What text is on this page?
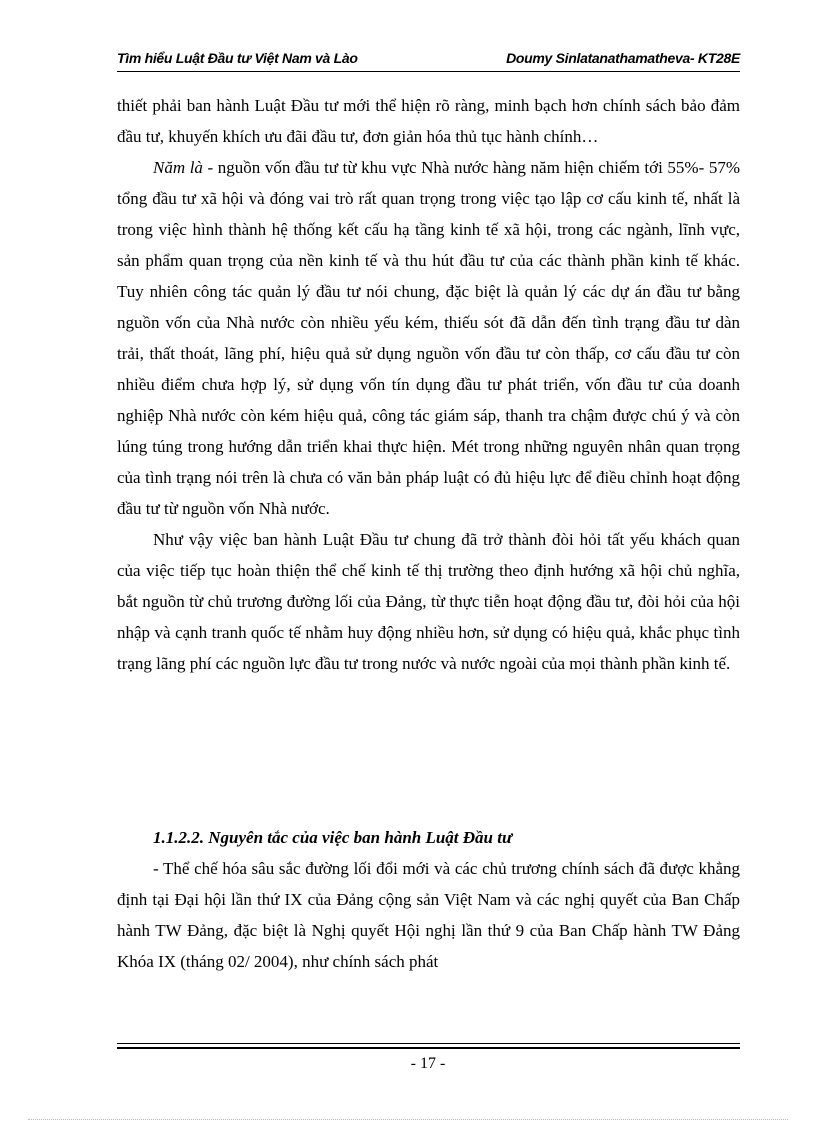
Tìm hiểu Luật Đầu tư Việt Nam và Lào	Doumy Sinlatanathamatheva- KT28E

thiết phải ban hành Luật Đầu tư mới thể hiện rõ ràng, minh bạch hơn chính sách bảo đảm đầu tư, khuyến khích ưu đãi đầu tư, đơn giản hóa thủ tục hành chính…

Năm là - nguồn vốn đầu tư từ khu vực Nhà nước hàng năm hiện chiếm tới 55%- 57% tổng đầu tư xã hội và đóng vai trò rất quan trọng trong việc tạo lập cơ cấu kinh tế, nhất là trong việc hình thành hệ thống kết cấu hạ tầng kinh tế xã hội, trong các ngành, lĩnh vực, sản phẩm quan trọng của nền kinh tế và thu hút đầu tư của các thành phần kinh tế khác. Tuy nhiên công tác quản lý đầu tư nói chung, đặc biệt là quản lý các dự án đầu tư bằng nguồn vốn của Nhà nước còn nhiều yếu kém, thiếu sót đã dẫn đến tình trạng đầu tư dàn trải, thất thoát, lãng phí, hiệu quả sử dụng nguồn vốn đầu tư còn thấp, cơ cấu đầu tư còn nhiều điểm chưa hợp lý, sử dụng vốn tín dụng đầu tư phát triển, vốn đầu tư của doanh nghiệp Nhà nước còn kém hiệu quả, công tác giám sáp, thanh tra chậm được chú ý và còn lúng túng trong hướng dẫn triển khai thực hiện. Mét trong những nguyên nhân quan trọng của tình trạng nói trên là chưa có văn bản pháp luật có đủ hiệu lực để điều chỉnh hoạt động đầu tư từ nguồn vốn Nhà nước.

Như vậy việc ban hành Luật Đầu tư chung đã trở thành đòi hỏi tất yếu khách quan của việc tiếp tục hoàn thiện thể chế kinh tế thị trường theo định hướng xã hội chủ nghĩa, bắt nguồn từ chủ trương đường lối của Đảng, từ thực tiễn hoạt động đầu tư, đòi hỏi của hội nhập và cạnh tranh quốc tế nhằm huy động nhiều hơn, sử dụng có hiệu quả, khắc phục tình trạng lãng phí các nguồn lực đầu tư trong nước và nước ngoài của mọi thành phần kinh tế.

1.1.2.2. Nguyên tắc của việc ban hành Luật Đầu tư

- Thể chế hóa sâu sắc đường lối đổi mới và các chủ trương chính sách đã được khẳng định tại Đại hội lần thứ IX của Đảng cộng sản Việt Nam và các nghị quyết của Ban Chấp hành TW Đảng, đặc biệt là Nghị quyết Hội nghị lần thứ 9 của Ban Chấp hành TW Đảng Khóa IX (tháng 02/ 2004), như chính sách phát

- 17 -
